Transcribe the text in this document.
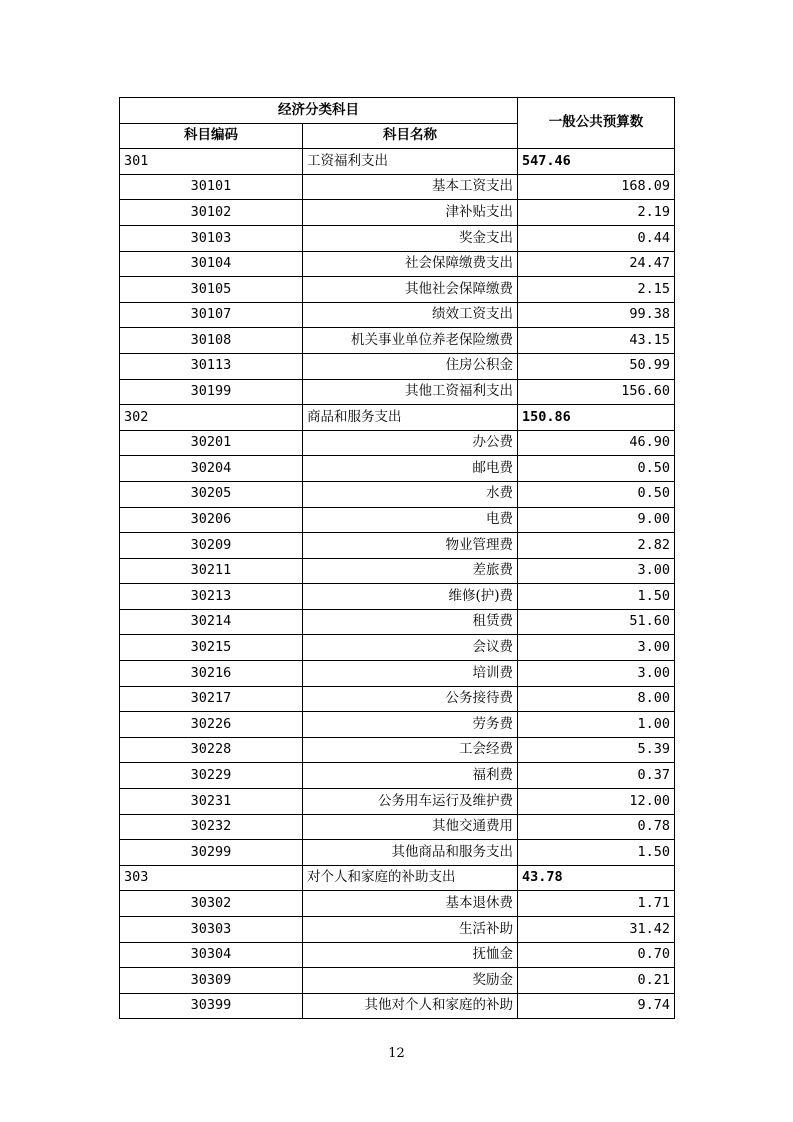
经济分类科目		一般公共预算数
科目编码	科目名称	
301	工资福利支出	547.46
30101	基本工资支出	168.09
30102	津补贴支出	2.19
30103	奖金支出	0.44
30104	社会保障缴费支出	24.47
30105	其他社会保障缴费	2.15
30107	绩效工资支出	99.38
30108	机关事业单位养老保险缴费	43.15
30113	住房公积金	50.99
30199	其他工资福利支出	156.60
302	商品和服务支出	150.86
30201	办公费	46.90
30204	邮电费	0.50
30205	水费	0.50
30206	电费	9.00
30209	物业管理费	2.82
30211	差旅费	3.00
30213	维修(护)费	1.50
30214	租赁费	51.60
30215	会议费	3.00
30216	培训费	3.00
30217	公务接待费	8.00
30226	劳务费	1.00
30228	工会经费	5.39
30229	福利费	0.37
30231	公务用车运行及维护费	12.00
30232	其他交通费用	0.78
30299	其他商品和服务支出	1.50
303	对个人和家庭的补助支出	43.78
30302	基本退休费	1.71
30303	生活补助	31.42
30304	抚恤金	0.70
30309	奖励金	0.21
30399	其他对个人和家庭的补助	9.74
12
